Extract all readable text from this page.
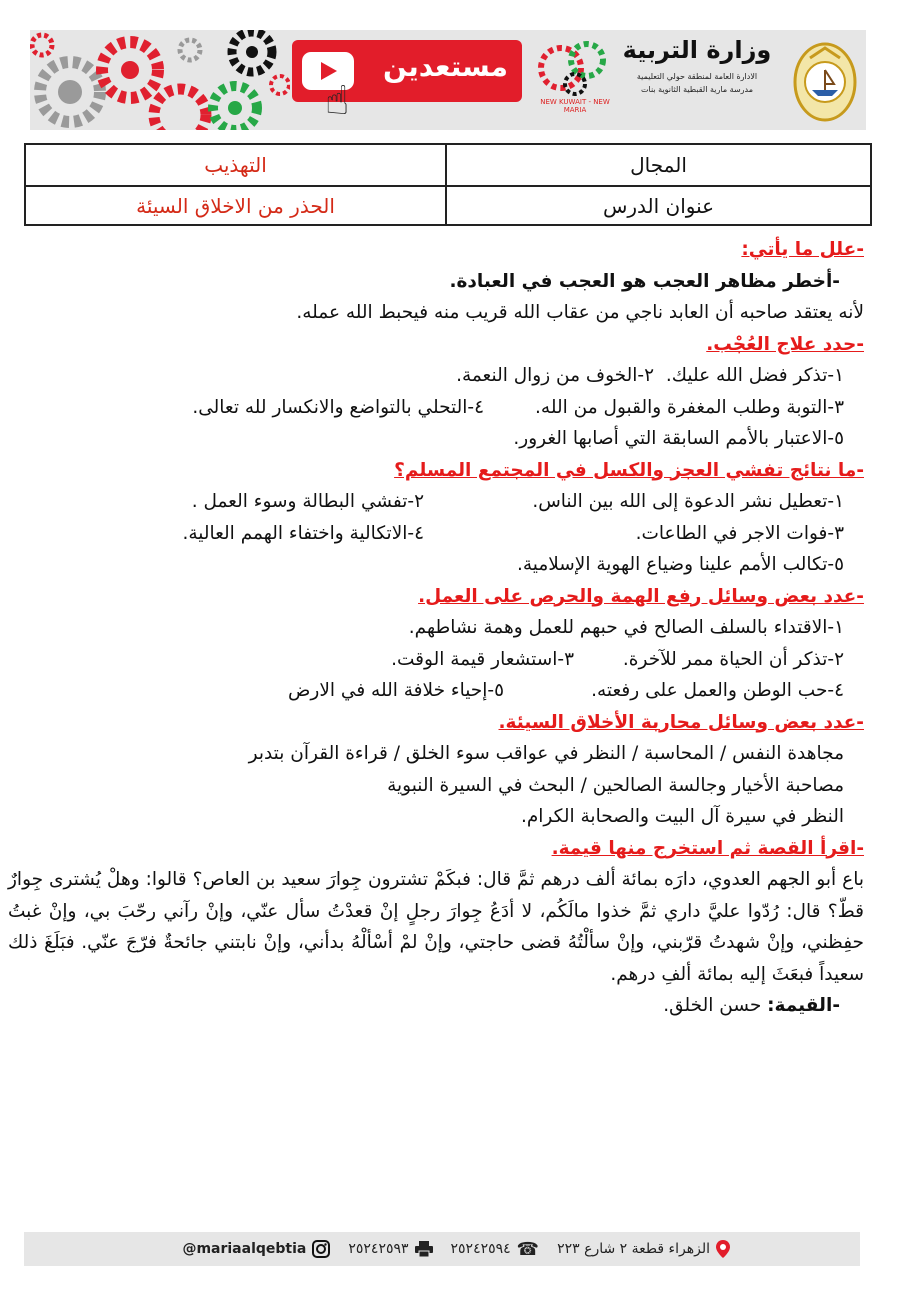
مستعدين
☝	NEW KUWAIT - NEW MARIA
وزارة التربية
الادارة العامة لمنطقة حولي التعليمية
مدرسة مارية القبطية الثانوية بنات
المجال	التهذيب
عنوان الدرس	الحذر من الاخلاق السيئة

-علل ما يأتي:

-أخطر مظاهر العجب هو العجب في العبادة.

لأنه يعتقد صاحبه أن العابد ناجي من عقاب الله قريب منه فيحبط الله عمله.

-حدد علاج العُجْب.

١-تذكر فضل الله عليك.
٢-الخوف من زوال النعمة.

٣-التوبة وطلب المغفرة والقبول من الله.
٤-التحلي بالتواضع والانكسار لله تعالى.

٥-الاعتبار بالأمم السابقة التي أصابها الغرور.

-ما نتائج تفشي العجز والكسل في المجتمع المسلم؟

١-تعطيل نشر الدعوة إلى الله بين الناس.
٢-تفشي البطالة وسوء العمل .

٣-فوات الاجر في الطاعات.
٤-الاتكالية واختفاء الهمم العالية.

٥-تكالب الأمم علينا وضياع الهوية الإسلامية.

-عدد بعض وسائل رفع الهمة والحرص على العمل.

١-الاقتداء بالسلف الصالح في حبهم للعمل وهمة نشاطهم.

٢-تذكر أن الحياة ممر للآخرة.
٣-استشعار قيمة الوقت.

٤-حب الوطن والعمل على رفعته.
٥-إحياء خلافة الله في الارض

-عدد بعض وسائل محاربة الأخلاق السيئة.

مجاهدة النفس / المحاسبة / النظر في عواقب سوء الخلق / قراءة القرآن بتدبر

مصاحبة الأخيار وجالسة الصالحين / البحث في السيرة النبوية

النظر في سيرة آل البيت والصحابة الكرام.

-اقرأ القصة ثم استخرج منها قيمة.

باع أبو الجهم العدوي، دارَه بمائة ألف درهم ثمَّ قال: فبكَمْ تشترون جِوارَ سعيد بن العاص؟ قالوا: وهلْ يُشترى جِوارٌ قطّ؟ قال: رُدّوا عليَّ داري ثمَّ خذوا مالَكُم، لا أدَعُ جِوارَ رجلٍ إنْ قعدْتُ سأل عنّي، وإنْ رآني رحّبَ بي، وإنْ غبتُ حفِظني، وإنْ شهدتُ قرّبني، وإنْ سألْتُهُ قضى حاجتي، وإنْ لمْ أسْألْهُ بدأني، وإنْ نابتني جائحةٌ فرّجَ عنّي. فبَلَغَ ذلك سعيداً فبعَثَ إليه بمائة ألفِ درهم.

-القيمة: حسن الخلق.

الزهراء قطعة ٢ شارع ٢٢٣
☎
٢٥٢٤٢٥٩٤
٢٥٢٤٢٥٩٣
@mariaalqebtia
